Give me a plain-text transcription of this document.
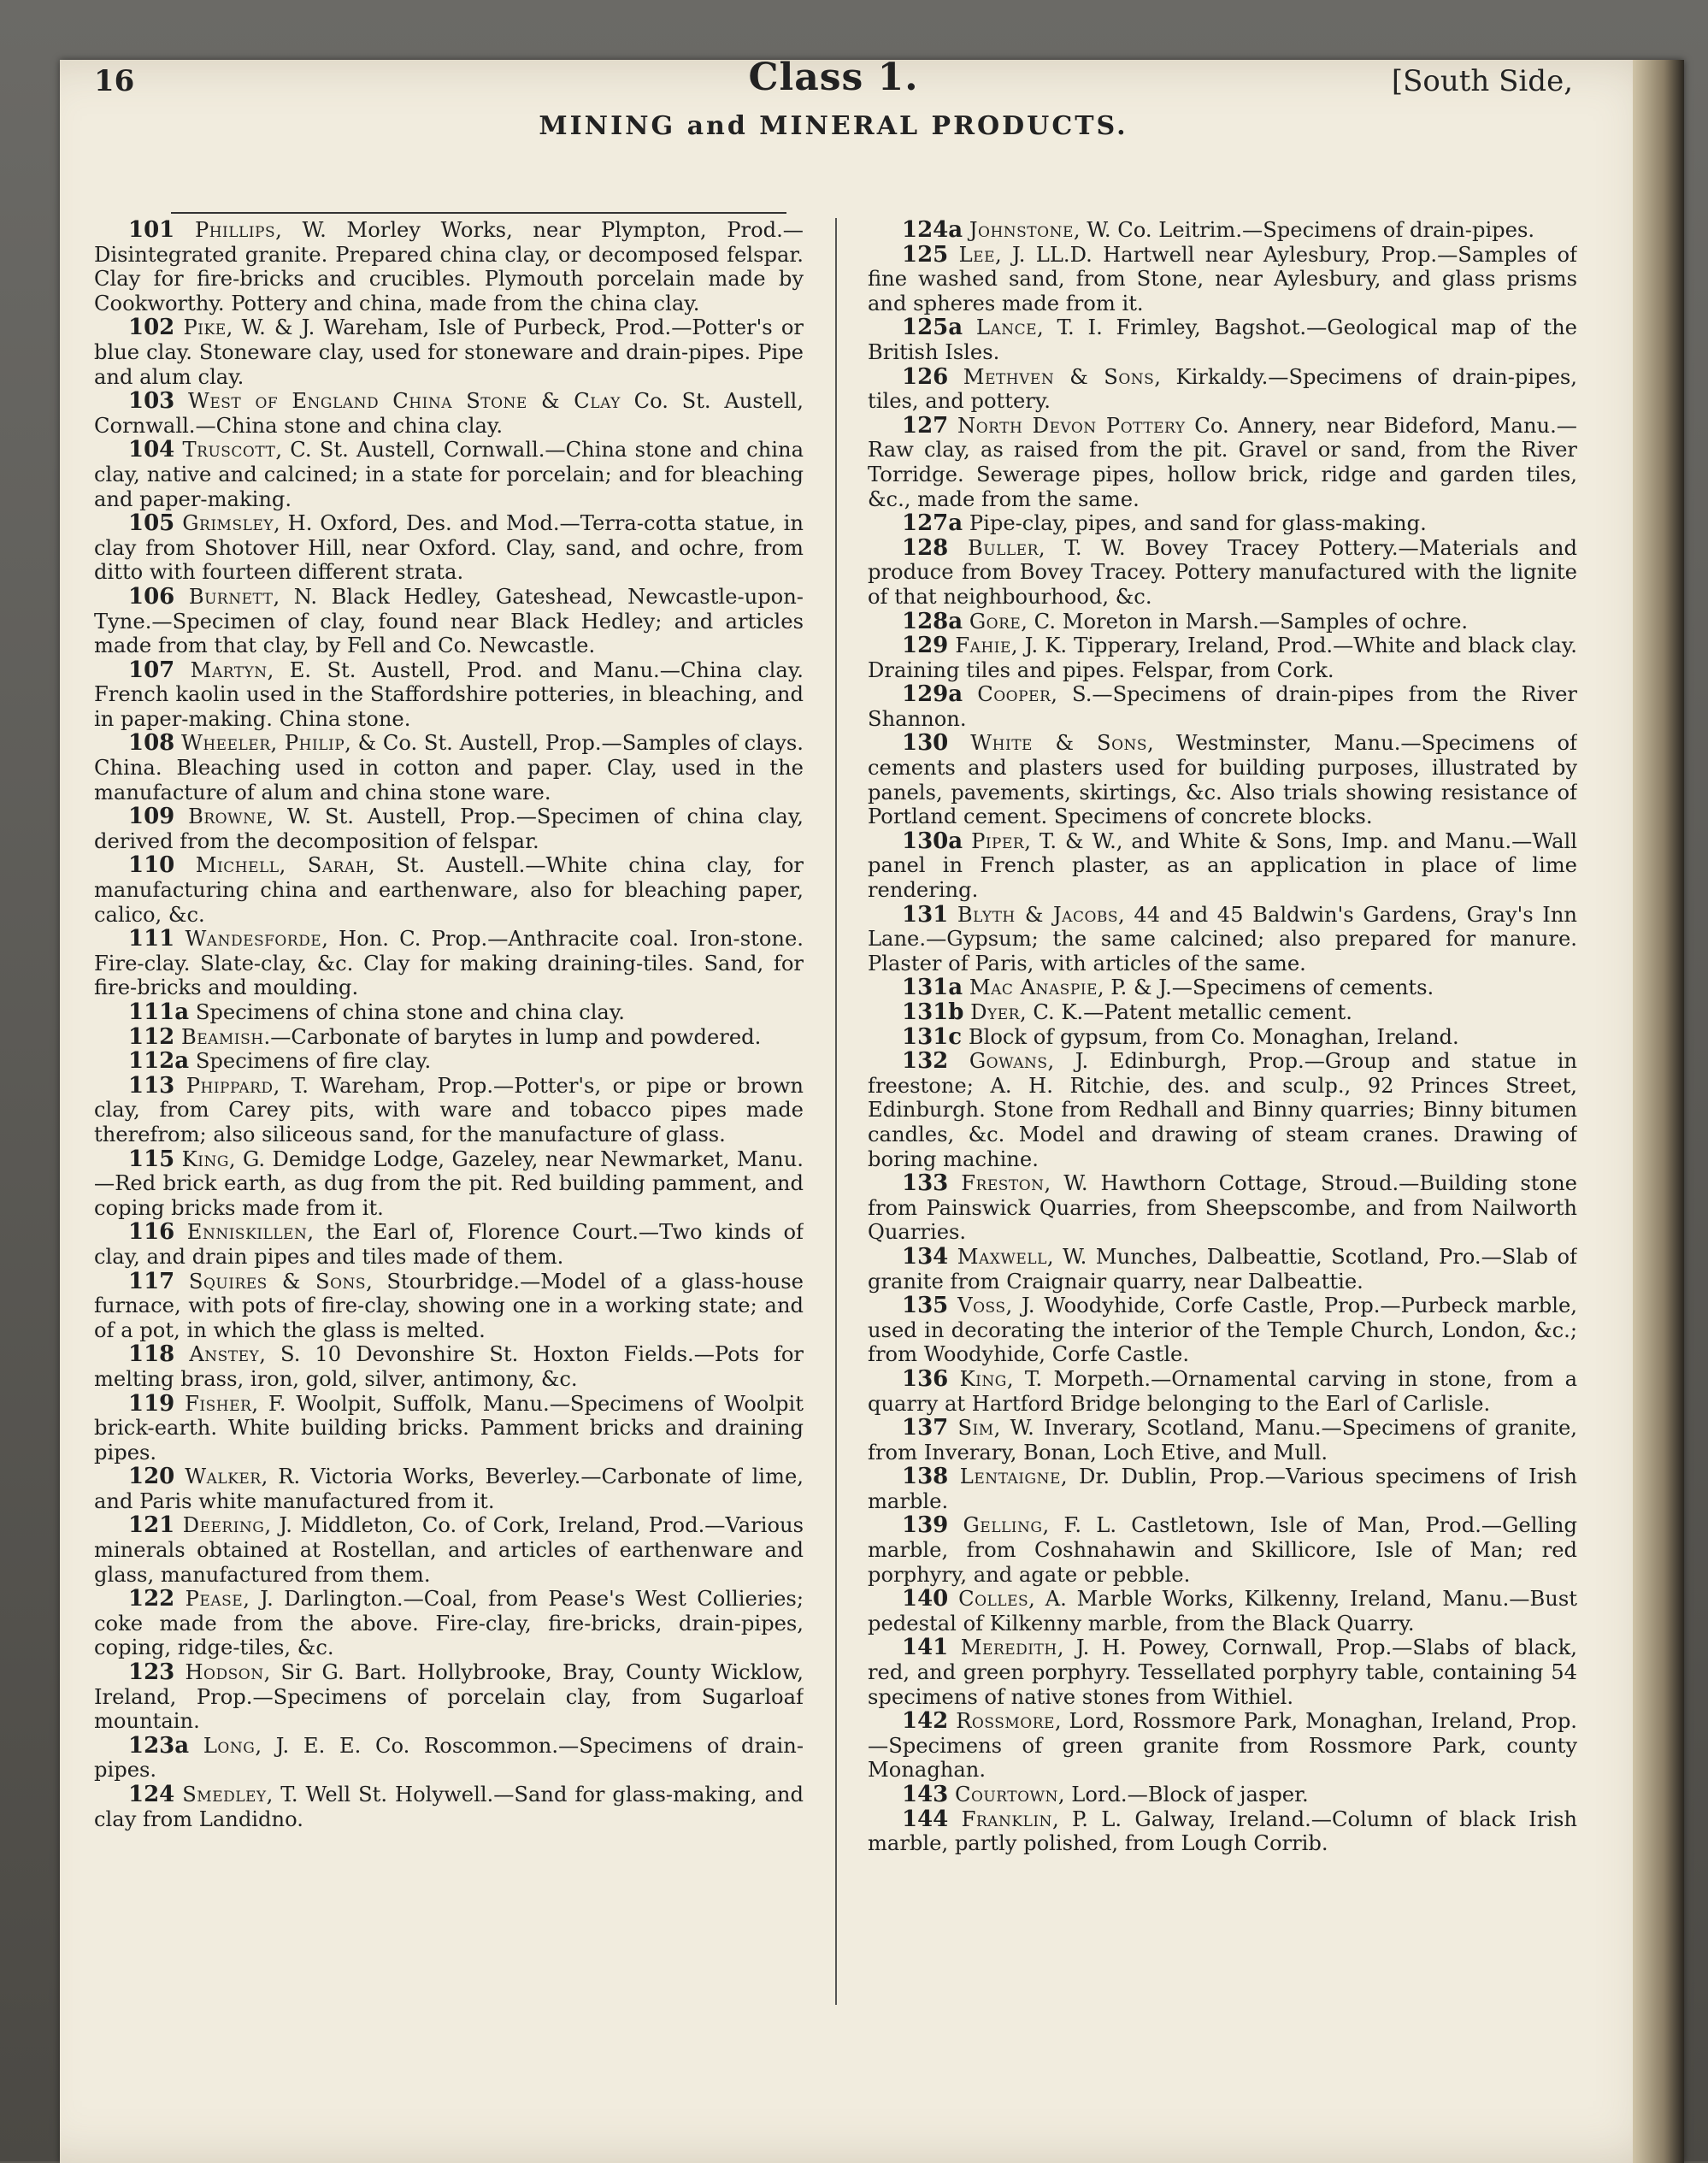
16	Class 1.	[South Side,
MINING and MINERAL PRODUCTS.

101 Phillips, W. Morley Works, near Plympton, Prod.—Disintegrated granite. Prepared china clay, or decomposed felspar. Clay for fire-bricks and crucibles. Plymouth porcelain made by Cookworthy. Pottery and china, made from the china clay.

102 Pike, W. & J. Wareham, Isle of Purbeck, Prod.—Potter's or blue clay. Stoneware clay, used for stoneware and drain-pipes. Pipe and alum clay.

103 West of England China Stone & Clay Co. St. Austell, Cornwall.—China stone and china clay.

104 Truscott, C. St. Austell, Cornwall.—China stone and china clay, native and calcined; in a state for porcelain; and for bleaching and paper-making.

105 Grimsley, H. Oxford, Des. and Mod.—Terra-cotta statue, in clay from Shotover Hill, near Oxford. Clay, sand, and ochre, from ditto with fourteen different strata.

106 Burnett, N. Black Hedley, Gateshead, Newcastle-upon-Tyne.—Specimen of clay, found near Black Hedley; and articles made from that clay, by Fell and Co. Newcastle.

107 Martyn, E. St. Austell, Prod. and Manu.—China clay. French kaolin used in the Staffordshire potteries, in bleaching, and in paper-making. China stone.

108 Wheeler, Philip, & Co. St. Austell, Prop.—Samples of clays. China. Bleaching used in cotton and paper. Clay, used in the manufacture of alum and china stone ware.

109 Browne, W. St. Austell, Prop.—Specimen of china clay, derived from the decomposition of felspar.

110 Michell, Sarah, St. Austell.—White china clay, for manufacturing china and earthenware, also for bleaching paper, calico, &c.

111 Wandesforde, Hon. C. Prop.—Anthracite coal. Iron-stone. Fire-clay. Slate-clay, &c. Clay for making draining-tiles. Sand, for fire-bricks and moulding.

111a Specimens of china stone and china clay.

112 Beamish.—Carbonate of barytes in lump and powdered.

112a Specimens of fire clay.

113 Phippard, T. Wareham, Prop.—Potter's, or pipe or brown clay, from Carey pits, with ware and tobacco pipes made therefrom; also siliceous sand, for the manufacture of glass.

115 King, G. Demidge Lodge, Gazeley, near Newmarket, Manu.—Red brick earth, as dug from the pit. Red building pamment, and coping bricks made from it.

116 Enniskillen, the Earl of, Florence Court.—Two kinds of clay, and drain pipes and tiles made of them.

117 Squires & Sons, Stourbridge.—Model of a glass-house furnace, with pots of fire-clay, showing one in a working state; and of a pot, in which the glass is melted.

118 Anstey, S. 10 Devonshire St. Hoxton Fields.—Pots for melting brass, iron, gold, silver, antimony, &c.

119 Fisher, F. Woolpit, Suffolk, Manu.—Specimens of Woolpit brick-earth. White building bricks. Pamment bricks and draining pipes.

120 Walker, R. Victoria Works, Beverley.—Carbonate of lime, and Paris white manufactured from it.

121 Deering, J. Middleton, Co. of Cork, Ireland, Prod.—Various minerals obtained at Rostellan, and articles of earthenware and glass, manufactured from them.

122 Pease, J. Darlington.—Coal, from Pease's West Collieries; coke made from the above. Fire-clay, fire-bricks, drain-pipes, coping, ridge-tiles, &c.

123 Hodson, Sir G. Bart. Hollybrooke, Bray, County Wicklow, Ireland, Prop.—Specimens of porcelain clay, from Sugarloaf mountain.

123a Long, J. E. E. Co. Roscommon.—Specimens of drain-pipes.

124 Smedley, T. Well St. Holywell.—Sand for glass-making, and clay from Landidno.

124a Johnstone, W. Co. Leitrim.—Specimens of drain-pipes.

125 Lee, J. LL.D. Hartwell near Aylesbury, Prop.—Samples of fine washed sand, from Stone, near Aylesbury, and glass prisms and spheres made from it.

125a Lance, T. I. Frimley, Bagshot.—Geological map of the British Isles.

126 Methven & Sons, Kirkaldy.—Specimens of drain-pipes, tiles, and pottery.

127 North Devon Pottery Co. Annery, near Bideford, Manu.—Raw clay, as raised from the pit. Gravel or sand, from the River Torridge. Sewerage pipes, hollow brick, ridge and garden tiles, &c., made from the same.

127a Pipe-clay, pipes, and sand for glass-making.

128 Buller, T. W. Bovey Tracey Pottery.—Materials and produce from Bovey Tracey. Pottery manufactured with the lignite of that neighbourhood, &c.

128a Gore, C. Moreton in Marsh.—Samples of ochre.

129 Fahie, J. K. Tipperary, Ireland, Prod.—White and black clay. Draining tiles and pipes. Felspar, from Cork.

129a Cooper, S.—Specimens of drain-pipes from the River Shannon.

130 White & Sons, Westminster, Manu.—Specimens of cements and plasters used for building purposes, illustrated by panels, pavements, skirtings, &c. Also trials showing resistance of Portland cement. Specimens of concrete blocks.

130a Piper, T. & W., and White & Sons, Imp. and Manu.—Wall panel in French plaster, as an application in place of lime rendering.

131 Blyth & Jacobs, 44 and 45 Baldwin's Gardens, Gray's Inn Lane.—Gypsum; the same calcined; also prepared for manure. Plaster of Paris, with articles of the same.

131a Mac Anaspie, P. & J.—Specimens of cements.

131b Dyer, C. K.—Patent metallic cement.

131c Block of gypsum, from Co. Monaghan, Ireland.

132 Gowans, J. Edinburgh, Prop.—Group and statue in freestone; A. H. Ritchie, des. and sculp., 92 Princes Street, Edinburgh. Stone from Redhall and Binny quarries; Binny bitumen candles, &c. Model and drawing of steam cranes. Drawing of boring machine.

133 Freston, W. Hawthorn Cottage, Stroud.—Building stone from Painswick Quarries, from Sheepscombe, and from Nailworth Quarries.

134 Maxwell, W. Munches, Dalbeattie, Scotland, Pro.—Slab of granite from Craignair quarry, near Dalbeattie.

135 Voss, J. Woodyhide, Corfe Castle, Prop.—Purbeck marble, used in decorating the interior of the Temple Church, London, &c.; from Woodyhide, Corfe Castle.

136 King, T. Morpeth.—Ornamental carving in stone, from a quarry at Hartford Bridge belonging to the Earl of Carlisle.

137 Sim, W. Inverary, Scotland, Manu.—Specimens of granite, from Inverary, Bonan, Loch Etive, and Mull.

138 Lentaigne, Dr. Dublin, Prop.—Various specimens of Irish marble.

139 Gelling, F. L. Castletown, Isle of Man, Prod.—Gelling marble, from Coshnahawin and Skillicore, Isle of Man; red porphyry, and agate or pebble.

140 Colles, A. Marble Works, Kilkenny, Ireland, Manu.—Bust pedestal of Kilkenny marble, from the Black Quarry.

141 Meredith, J. H. Powey, Cornwall, Prop.—Slabs of black, red, and green porphyry. Tessellated porphyry table, containing 54 specimens of native stones from Withiel.

142 Rossmore, Lord, Rossmore Park, Monaghan, Ireland, Prop.—Specimens of green granite from Rossmore Park, county Monaghan.

143 Courtown, Lord.—Block of jasper.

144 Franklin, P. L. Galway, Ireland.—Column of black Irish marble, partly polished, from Lough Corrib.
